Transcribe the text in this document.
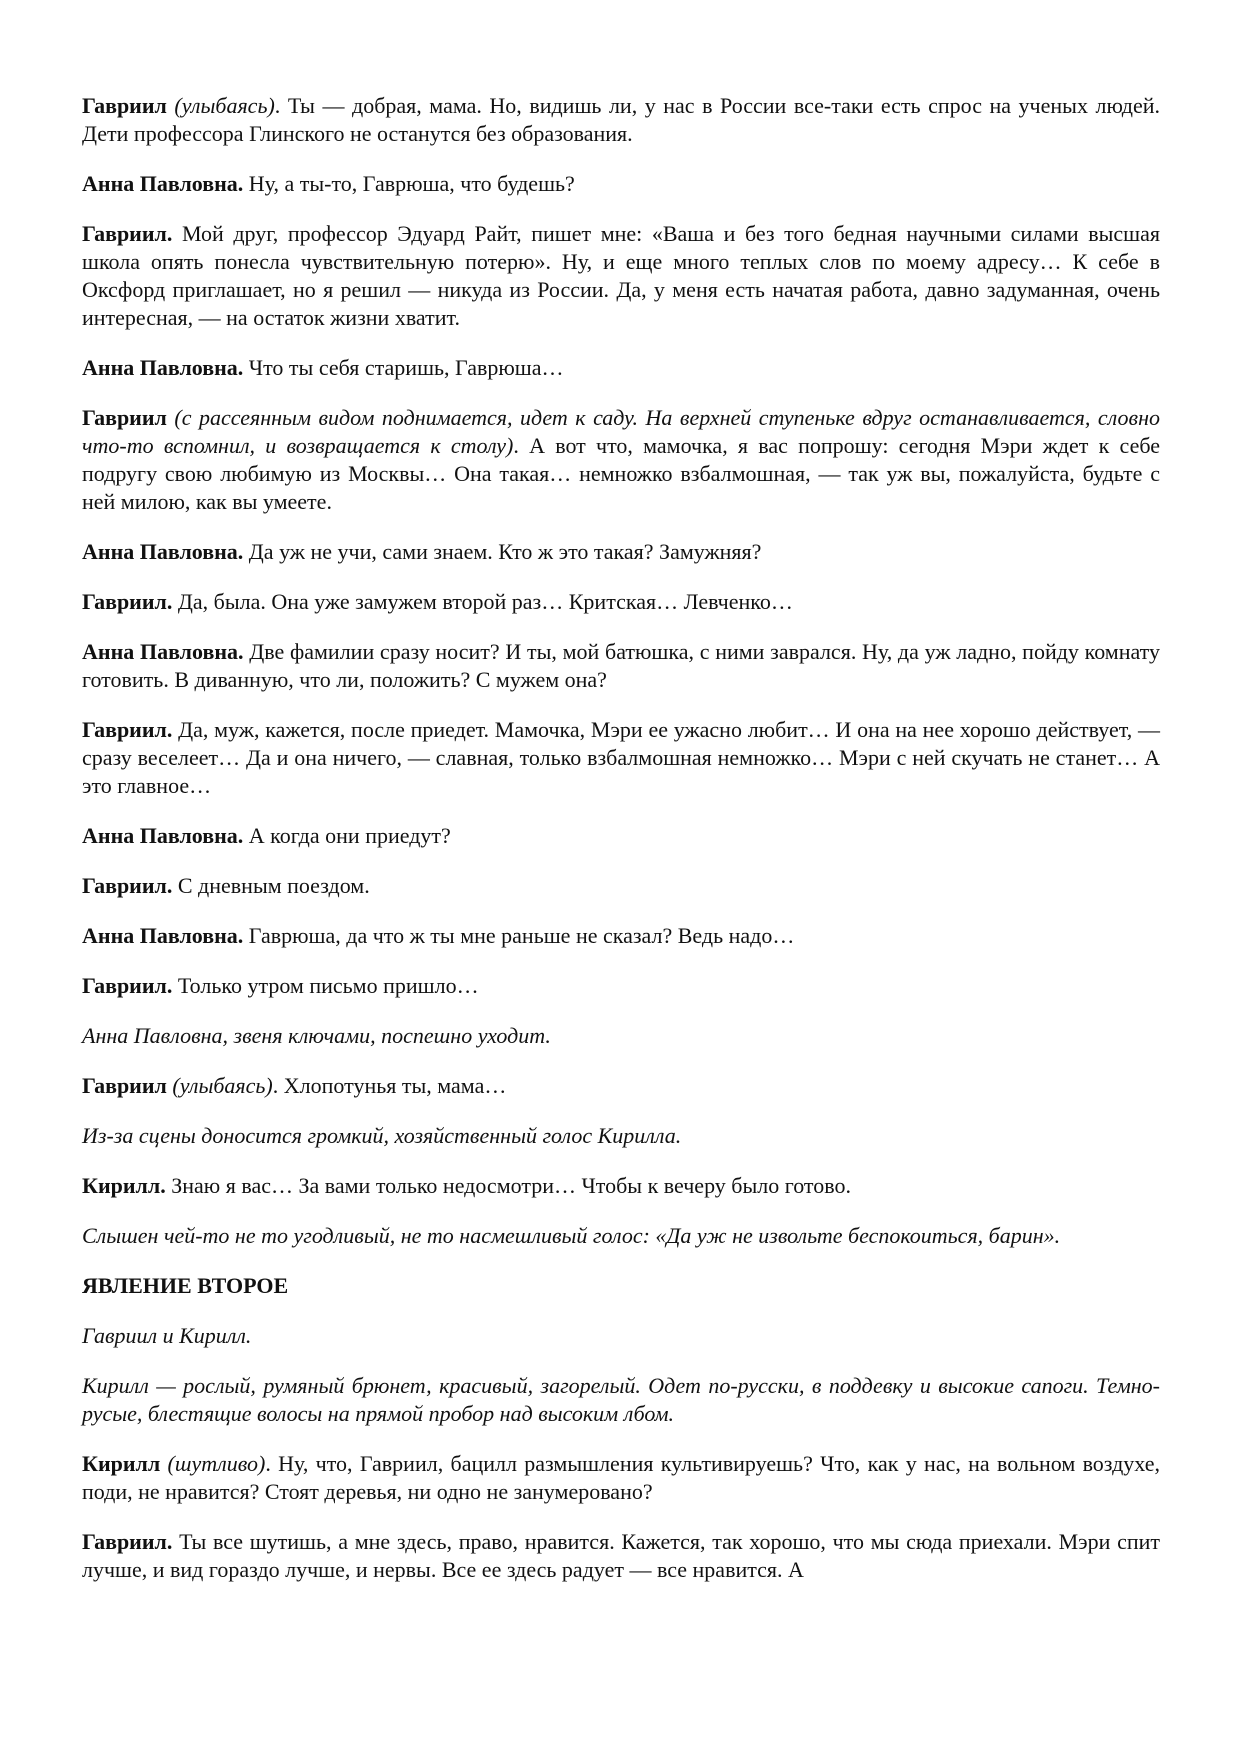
Гавриил (улыбаясь). Ты — добрая, мама. Но, видишь ли, у нас в России все-таки есть спрос на ученых людей. Дети профессора Глинского не останутся без образования.

Анна Павловна. Ну, а ты-то, Гаврюша, что будешь?

Гавриил. Мой друг, профессор Эдуард Райт, пишет мне: «Ваша и без того бедная научными силами высшая школа опять понесла чувствительную потерю». Ну, и еще много теплых слов по моему адресу… К себе в Оксфорд приглашает, но я решил — никуда из России. Да, у меня есть начатая работа, давно задуманная, очень интересная, — на остаток жизни хватит.

Анна Павловна. Что ты себя старишь, Гаврюша…

Гавриил (с рассеянным видом поднимается, идет к саду. На верхней ступеньке вдруг останавливается, словно что-то вспомнил, и возвращается к столу). А вот что, мамочка, я вас попрошу: сегодня Мэри ждет к себе подругу свою любимую из Москвы… Она такая… немножко взбалмошная, — так уж вы, пожалуйста, будьте с ней милою, как вы умеете.

Анна Павловна. Да уж не учи, сами знаем. Кто ж это такая? Замужняя?

Гавриил. Да, была. Она уже замужем второй раз… Критская… Левченко…

Анна Павловна. Две фамилии сразу носит? И ты, мой батюшка, с ними заврался. Ну, да уж ладно, пойду комнату готовить. В диванную, что ли, положить? С мужем она?

Гавриил. Да, муж, кажется, после приедет. Мамочка, Мэри ее ужасно любит… И она на нее хорошо действует, — сразу веселеет… Да и она ничего, — славная, только взбалмошная немножко… Мэри с ней скучать не станет… А это главное…

Анна Павловна. А когда они приедут?

Гавриил. С дневным поездом.

Анна Павловна. Гаврюша, да что ж ты мне раньше не сказал? Ведь надо…

Гавриил. Только утром письмо пришло…

Анна Павловна, звеня ключами, поспешно уходит.

Гавриил (улыбаясь). Хлопотунья ты, мама…

Из-за сцены доносится громкий, хозяйственный голос Кирилла.

Кирилл. Знаю я вас… За вами только недосмотри… Чтобы к вечеру было готово.

Слышен чей-то не то угодливый, не то насмешливый голос: «Да уж не извольте беспокоиться, барин».

ЯВЛЕНИЕ ВТОРОЕ

Гавриил и Кирилл.

Кирилл — рослый, румяный брюнет, красивый, загорелый. Одет по-русски, в поддевку и высокие сапоги. Темно-русые, блестящие волосы на прямой пробор над высоким лбом.

Кирилл (шутливо). Ну, что, Гавриил, бацилл размышления культивируешь? Что, как у нас, на вольном воздухе, поди, не нравится? Стоят деревья, ни одно не занумеровано?

Гавриил. Ты все шутишь, а мне здесь, право, нравится. Кажется, так хорошо, что мы сюда приехали. Мэри спит лучше, и вид гораздо лучше, и нервы. Все ее здесь радует — все нравится. А
